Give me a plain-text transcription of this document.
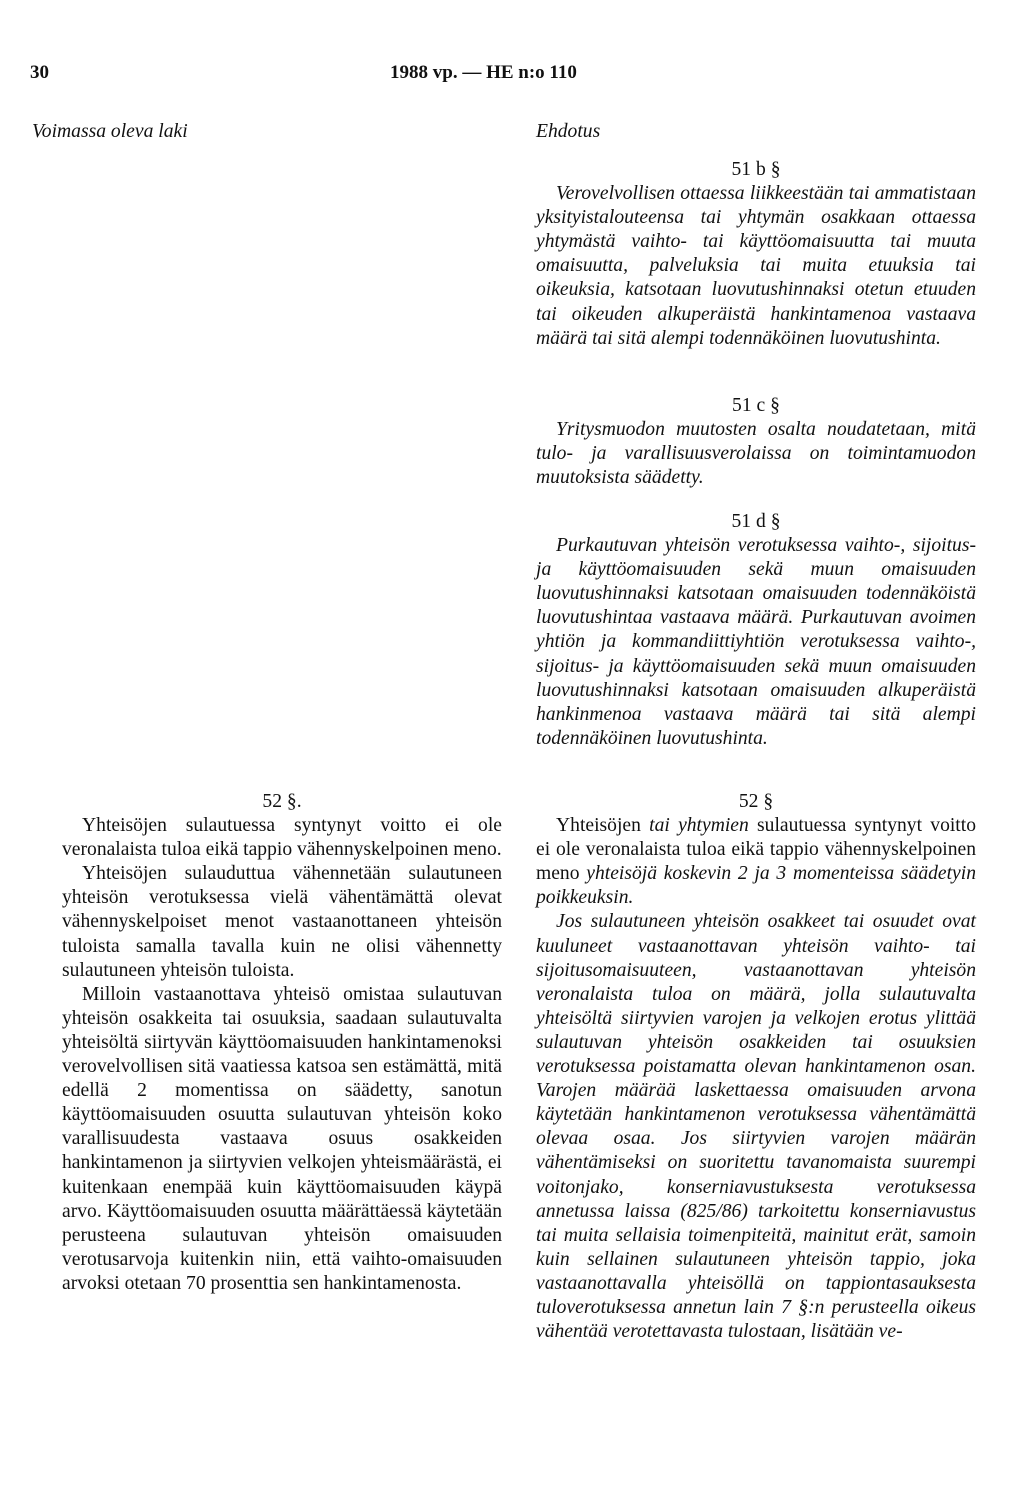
30	1988 vp. — HE n:o 110

Voimassa oleva laki

52 §.

Yhteisöjen sulautuessa syntynyt voitto ei ole veronalaista tuloa eikä tappio vähennyskelpoinen meno.

Yhteisöjen sulauduttua vähennetään sulautuneen yhteisön verotuksessa vielä vähentämättä olevat vähennyskelpoiset menot vastaanottaneen yhteisön tuloista samalla tavalla kuin ne olisi vähennetty sulautuneen yhteisön tuloista.

Milloin vastaanottava yhteisö omistaa sulautuvan yhteisön osakkeita tai osuuksia, saadaan sulautuvalta yhteisöltä siirtyvän käyttöomaisuuden hankintamenoksi verovelvollisen sitä vaatiessa katsoa sen estämättä, mitä edellä 2 momentissa on säädetty, sanotun käyttöomaisuuden osuutta sulautuvan yhteisön koko varallisuudesta vastaava osuus osakkeiden hankintamenon ja siirtyvien velkojen yhteismäärästä, ei kuitenkaan enempää kuin käyttöomaisuuden käypä arvo. Käyttöomaisuuden osuutta määrättäessä käytetään perusteena sulautuvan yhteisön omaisuuden verotusarvoja kuitenkin niin, että vaihto-omaisuuden arvoksi otetaan 70 prosenttia sen hankintamenosta.

Ehdotus

51 b §

Verovelvollisen ottaessa liikkeestään tai ammatistaan yksityistalouteensa tai yhtymän osakkaan ottaessa yhtymästä vaihto- tai käyttöomaisuutta tai muuta omaisuutta, palveluksia tai muita etuuksia tai oikeuksia, katsotaan luovutushinnaksi otetun etuuden tai oikeuden alkuperäistä hankintamenoa vastaava määrä tai sitä alempi todennäköinen luovutushinta.

51 c §

Yritysmuodon muutosten osalta noudatetaan, mitä tulo- ja varallisuusverolaissa on toimintamuodon muutoksista säädetty.

51 d §

Purkautuvan yhteisön verotuksessa vaihto-, sijoitus- ja käyttöomaisuuden sekä muun omaisuuden luovutushinnaksi katsotaan omaisuuden todennäköistä luovutushintaa vastaava määrä. Purkautuvan avoimen yhtiön ja kommandiittiyhtiön verotuksessa vaihto-, sijoitus- ja käyttöomaisuuden sekä muun omaisuuden luovutushinnaksi katsotaan omaisuuden alkuperäistä hankinmenoa vastaava määrä tai sitä alempi todennäköinen luovutushinta.

52 §

Yhteisöjen tai yhtymien sulautuessa syntynyt voitto ei ole veronalaista tuloa eikä tappio vähennyskelpoinen meno yhteisöjä koskevin 2 ja 3 momenteissa säädetyin poikkeuksin.

Jos sulautuneen yhteisön osakkeet tai osuudet ovat kuuluneet vastaanottavan yhteisön vaihto- tai sijoitusomaisuuteen, vastaanottavan yhteisön veronalaista tuloa on määrä, jolla sulautuvalta yhteisöltä siirtyvien varojen ja velkojen erotus ylittää sulautuvan yhteisön osakkeiden tai osuuksien verotuksessa poistamatta olevan hankintamenon osan. Varojen määrää laskettaessa omaisuuden arvona käytetään hankintamenon verotuksessa vähentämättä olevaa osaa. Jos siirtyvien varojen määrän vähentämiseksi on suoritettu tavanomaista suurempi voitonjako, konserniavustuksesta verotuksessa annetussa laissa (825/86) tarkoitettu konserniavustus tai muita sellaisia toimenpiteitä, mainitut erät, samoin kuin sellainen sulautuneen yhteisön tappio, joka vastaanottavalla yhteisöllä on tappiontasauksesta tuloverotuksessa annetun lain 7 §:n perusteella oikeus vähentää verotettavasta tulostaan, lisätään ve-
